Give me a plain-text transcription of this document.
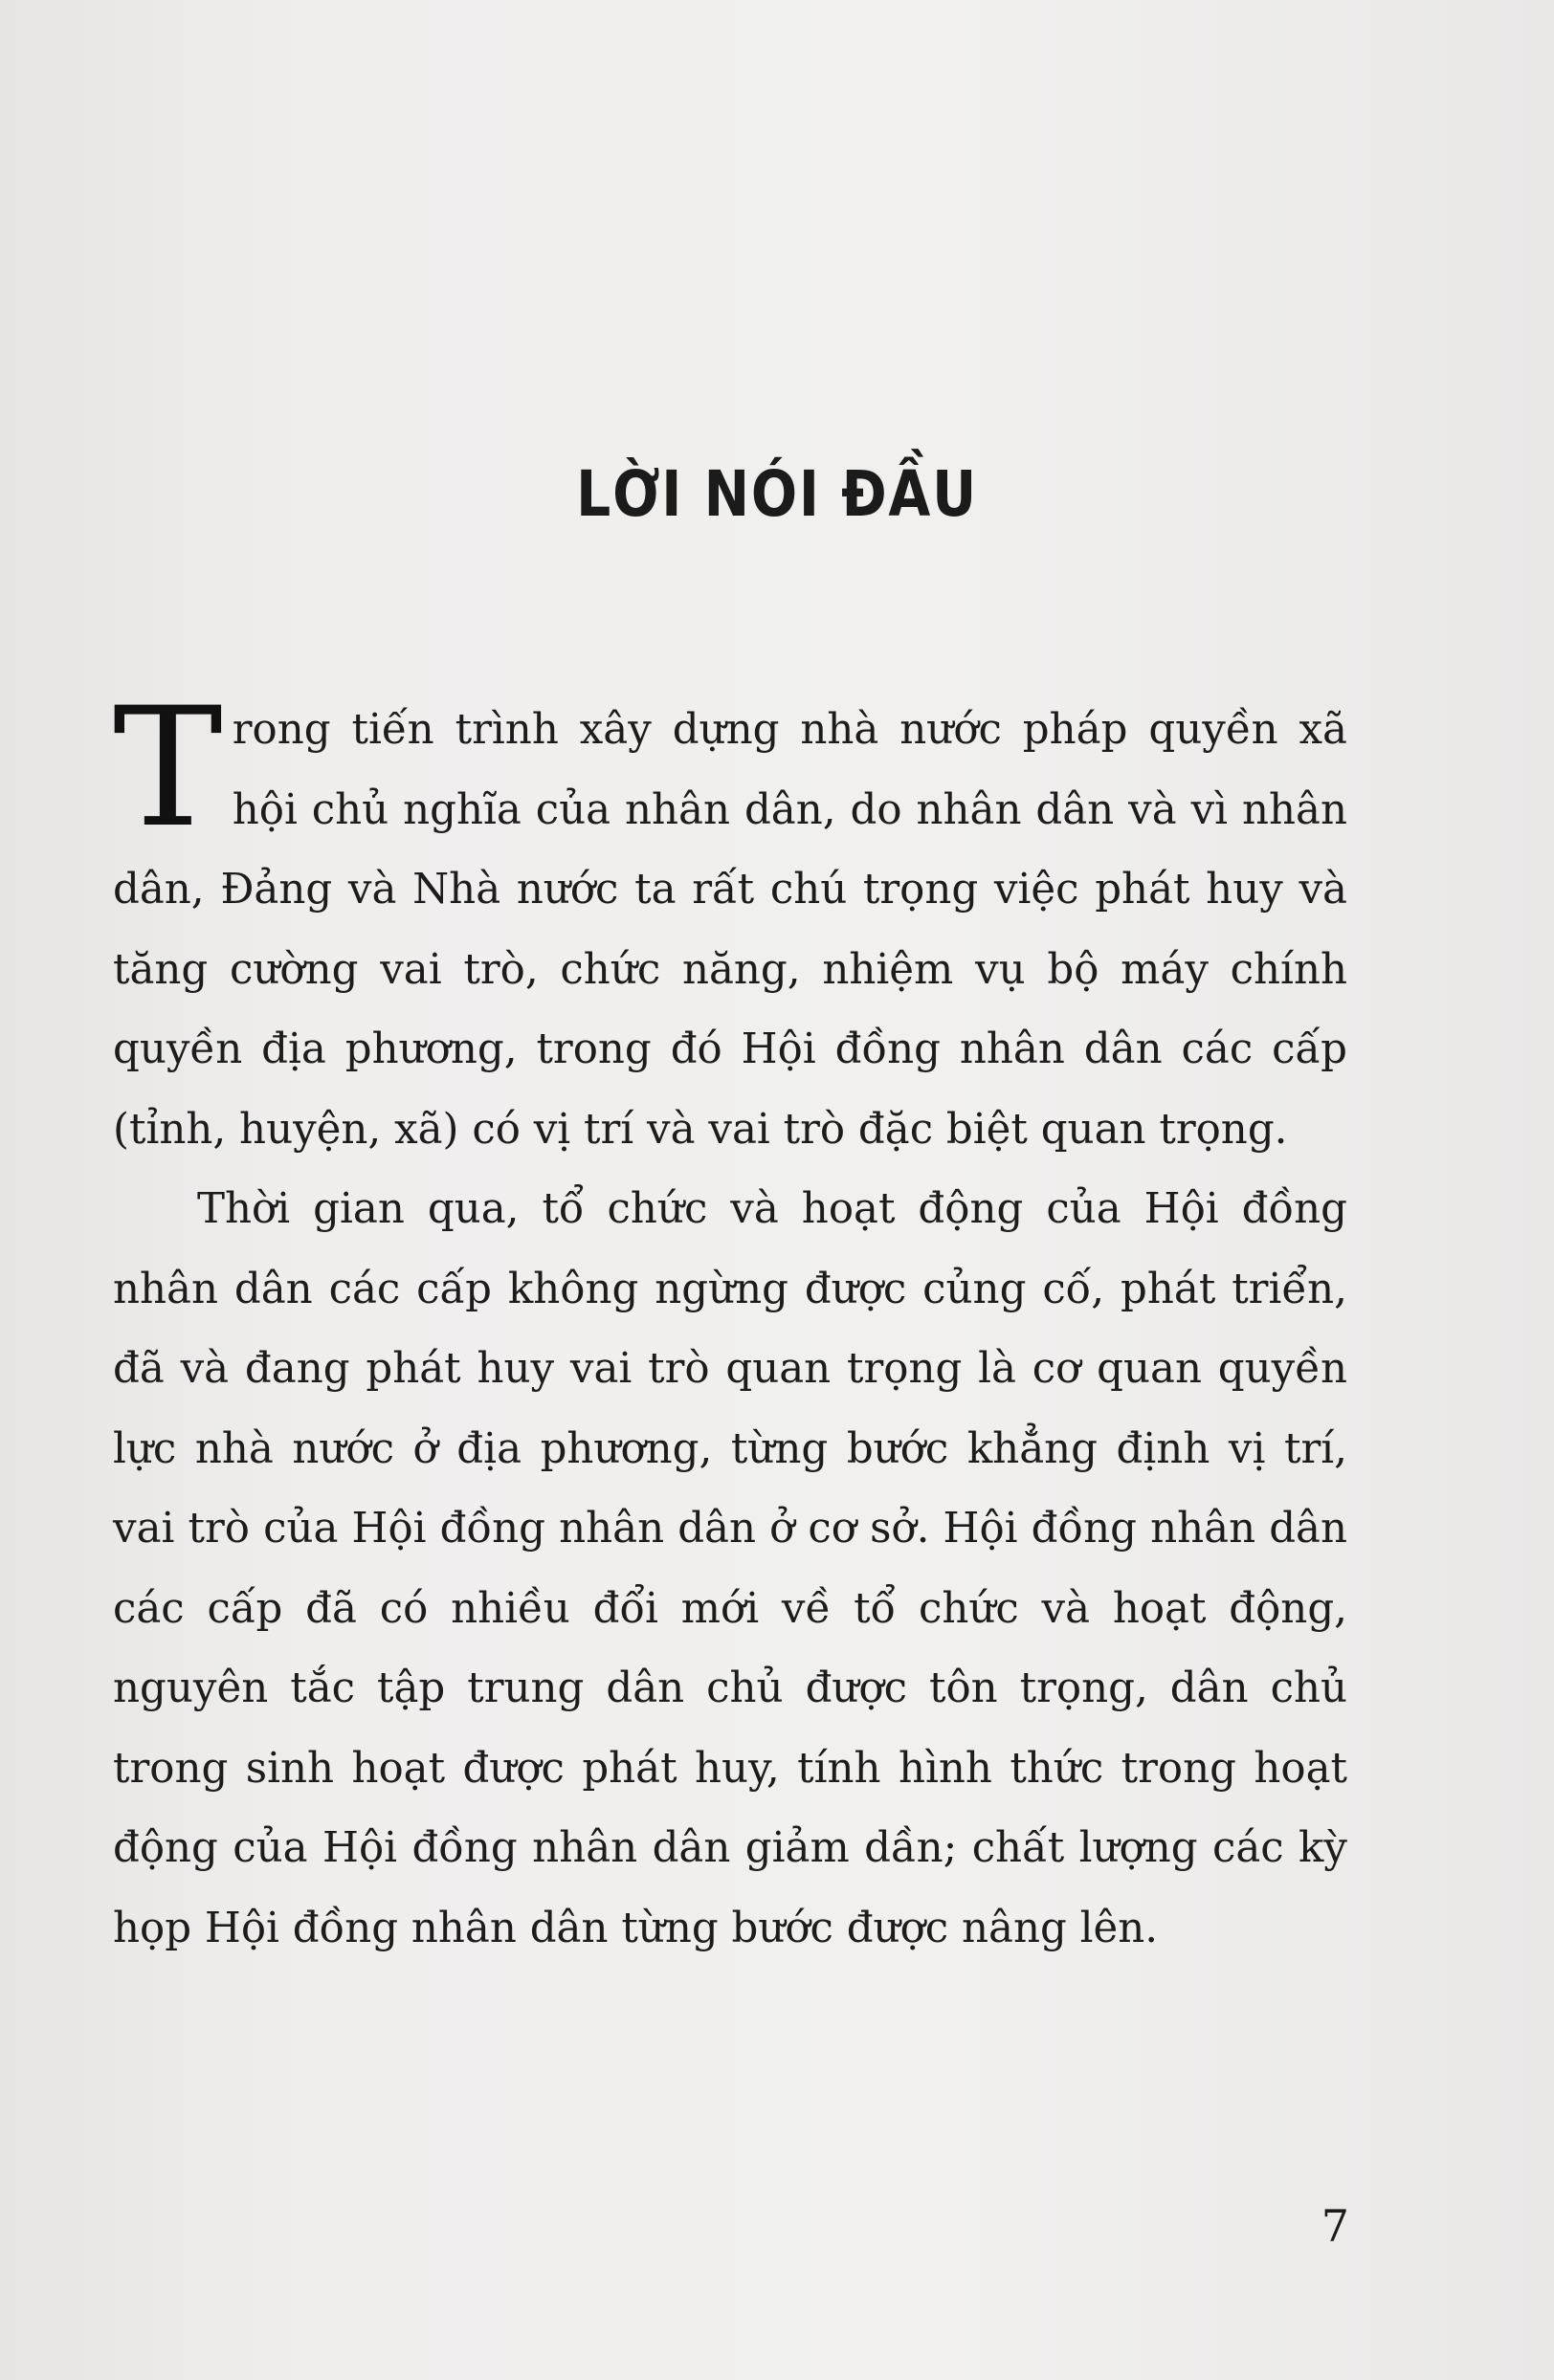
LỜI NÓI ĐẦU

Trong tiến trình xây dựng nhà nước pháp quyền xã hội chủ nghĩa của nhân dân, do nhân dân và vì nhân dân, Đảng và Nhà nước ta rất chú trọng việc phát huy và tăng cường vai trò, chức năng, nhiệm vụ bộ máy chính quyền địa phương, trong đó Hội đồng nhân dân các cấp (tỉnh, huyện, xã) có vị trí và vai trò đặc biệt quan trọng.

Thời gian qua, tổ chức và hoạt động của Hội đồng nhân dân các cấp không ngừng được củng cố, phát triển, đã và đang phát huy vai trò quan trọng là cơ quan quyền lực nhà nước ở địa phương, từng bước khẳng định vị trí, vai trò của Hội đồng nhân dân ở cơ sở. Hội đồng nhân dân các cấp đã có nhiều đổi mới về tổ chức và hoạt động, nguyên tắc tập trung dân chủ được tôn trọng, dân chủ trong sinh hoạt được phát huy, tính hình thức trong hoạt động của Hội đồng nhân dân giảm dần; chất lượng các kỳ họp Hội đồng nhân dân từng bước được nâng lên.

7
